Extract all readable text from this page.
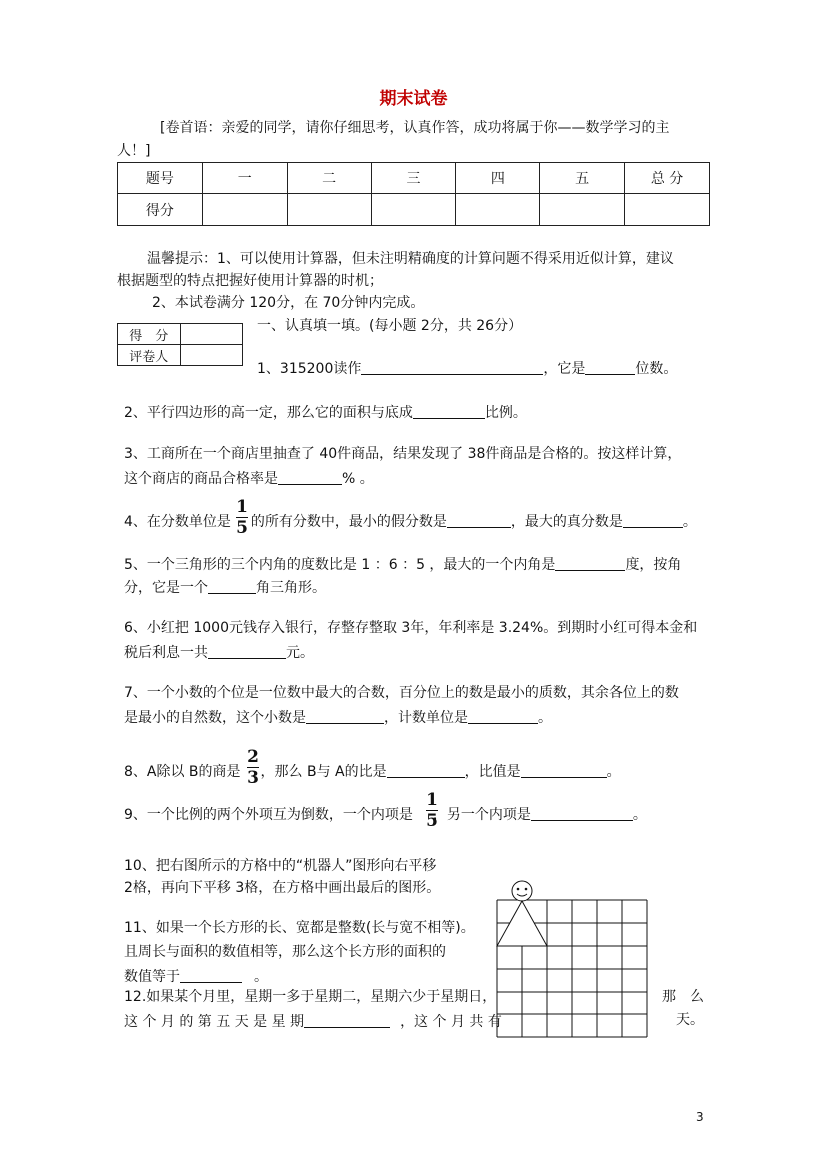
期末试卷
[卷首语：亲爱的同学，请你仔细思考，认真作答，成功将属于你——数学学习的主
人！]
题号	一	二	三	四	五	总 分
得分						
温馨提示：1、可以使用计算器，但未注明精确度的计算问题不得采用近似计算，建议
根据题型的特点把握好使用计算器的时机；
2、本试卷满分 120分，在 70分钟内完成。
得　分	
评卷人	
一、认真填一填。(每小题 2分，共 26分）
1、315200读作	，它是	位数。
2、平行四边形的高一定，那么它的面积与底成	比例。
3、工商所在一个商店里抽查了 40件商品，结果发现了 38件商品是合格的。按这样计算，
这个商店的商品合格率是	% 。
4、在分数单位是 的所有分数中，最小的假分数是	，最大的真分数是	。
1
5
5、一个三角形的三个内角的度数比是 1 ：6 ：5 ，最大的一个内角是	度，按角
分，它是一个	角三角形。
6、小红把 1000元钱存入银行，存整存整取 3年，年利率是 3.24%。到期时小红可得本金和
税后利息一共	元。
7、一个小数的个位是一位数中最大的合数，百分位上的数是最小的质数，其余各位上的数
是最小的自然数，这个小数是	，计数单位是	。
8、A除以 B的商是 ，那么 B与 A的比是	，比值是	。
2
3
9、一个比例的两个外项互为倒数，一个内项是 ，另一个内项是	。
1
5
10、把右图所示的方格中的“机器人”图形向右平移
2格，再向下平移 3格，在方格中画出最后的图形。
11、如果一个长方形的长、宽都是整数(长与宽不相等)。
且周长与面积的数值相等，那么这个长方形的面积的
数值等于	。
12.如果某个月里，星期一多于星期二，星期六少于星期日，	那　么
这 个 月 的 第 五 天 是 星 期	，这 个 月 共 有	天。
3
